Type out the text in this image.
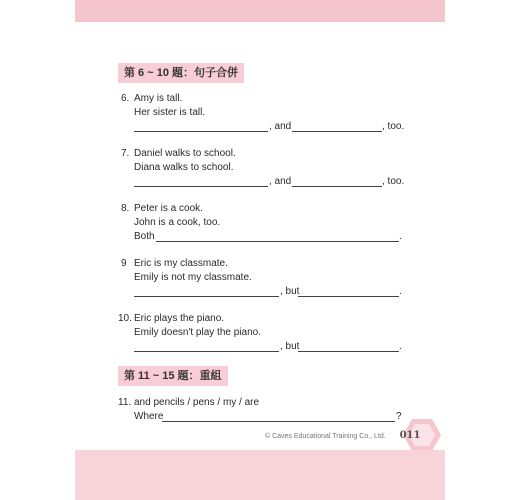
第 6 ~ 10 題：句子合併
6. Amy is tall.
Her sister is tall.
, and	, too.
7. Daniel walks to school.
Diana walks to school.
, and	, too.
8. Peter is a cook.
John is a cook, too.
Both	.
9 Eric is my classmate.
Emily is not my classmate.
, but	.
10. Eric plays the piano.
Emily doesn't play the piano.
, but	.
第 11 ~ 15 題：重組
11. and pencils / pens / my / are
Where	?
© Caves Educational Training Co., Ltd.	011
